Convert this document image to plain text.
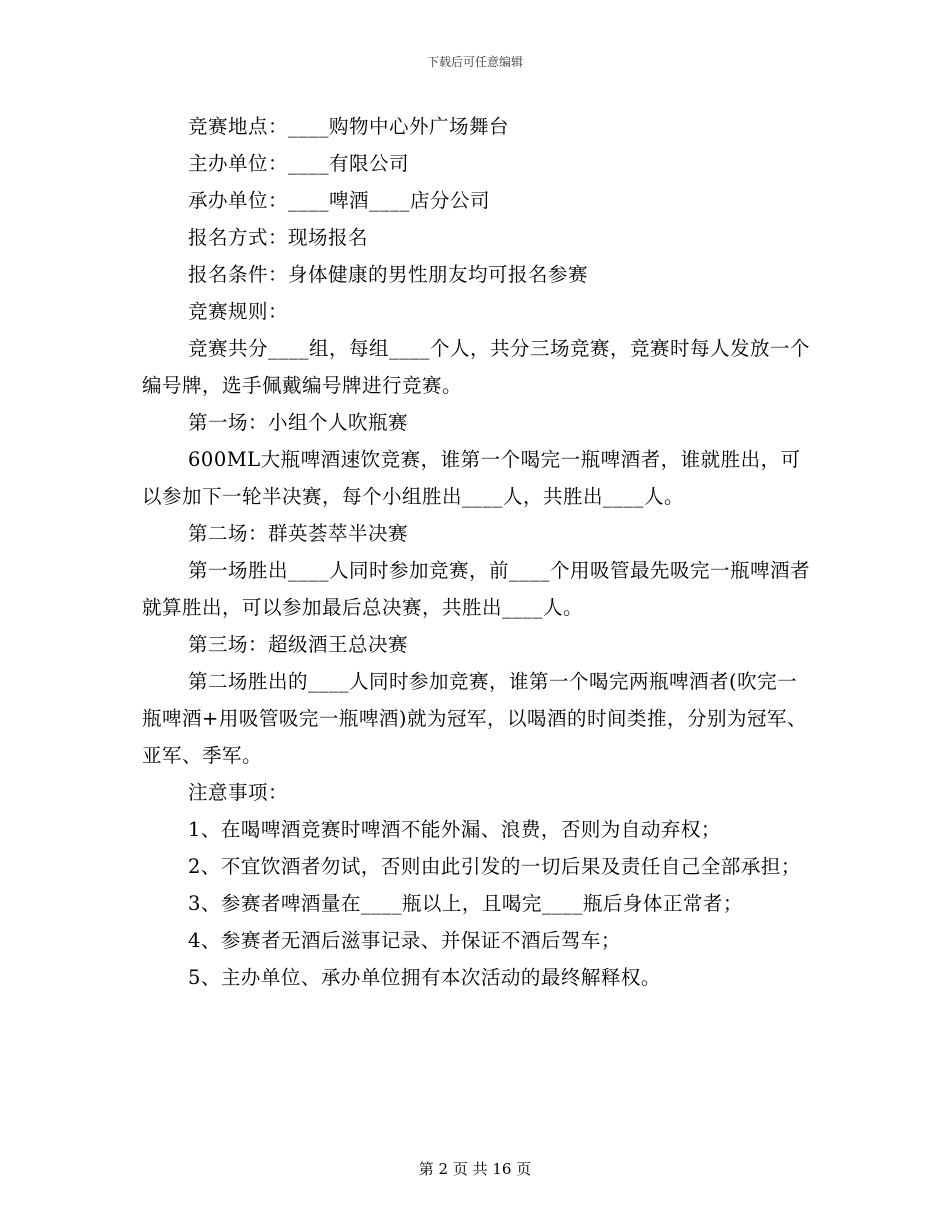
下载后可任意编辑

竞赛地点：____购物中心外广场舞台

主办单位：____有限公司

承办单位：____啤酒____店分公司

报名方式：现场报名

报名条件：身体健康的男性朋友均可报名参赛

竞赛规则：

竞赛共分____组，每组____个人，共分三场竞赛，竞赛时每人发放一个编号牌，选手佩戴编号牌进行竞赛。

第一场：小组个人吹瓶赛

600ML大瓶啤酒速饮竞赛，谁第一个喝完一瓶啤酒者，谁就胜出，可以参加下一轮半决赛，每个小组胜出____人，共胜出____人。

第二场：群英荟萃半决赛

第一场胜出____人同时参加竞赛，前____个用吸管最先吸完一瓶啤酒者就算胜出，可以参加最后总决赛，共胜出____人。

第三场：超级酒王总决赛

第二场胜出的____人同时参加竞赛，谁第一个喝完两瓶啤酒者(吹完一瓶啤酒+用吸管吸完一瓶啤酒)就为冠军，以喝酒的时间类推，分别为冠军、亚军、季军。

注意事项：

1、在喝啤酒竞赛时啤酒不能外漏、浪费，否则为自动弃权；

2、不宜饮酒者勿试，否则由此引发的一切后果及责任自己全部承担；

3、参赛者啤酒量在____瓶以上，且喝完____瓶后身体正常者；

4、参赛者无酒后滋事记录、并保证不酒后驾车；

5、主办单位、承办单位拥有本次活动的最终解释权。

第 2 页 共 16 页
